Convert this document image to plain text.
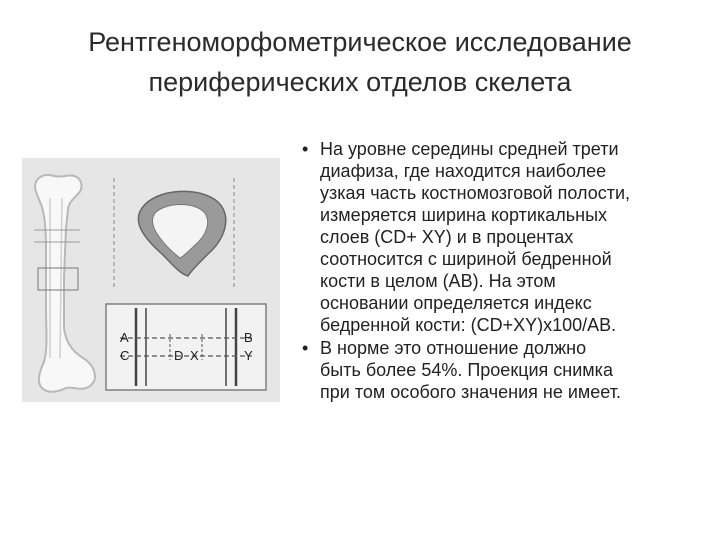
Рентгеноморфометрическое исследование
периферических отделов скелета
A
C	D X
B
Y
• На уровне середины средней трети
диафиза, где находится наиболее
узкая часть костномозговой полости,
измеряется ширина кортикальных
слоев (CD+ XY) и в процентах
соотносится с шириной бедренной
кости в целом (АВ). На этом
основании определяется индекс
бедренной кости: (CD+XY)x100/AB.
• В норме это отношение должно
быть более 54%. Проекция снимка
при том особого значения не имеет.
